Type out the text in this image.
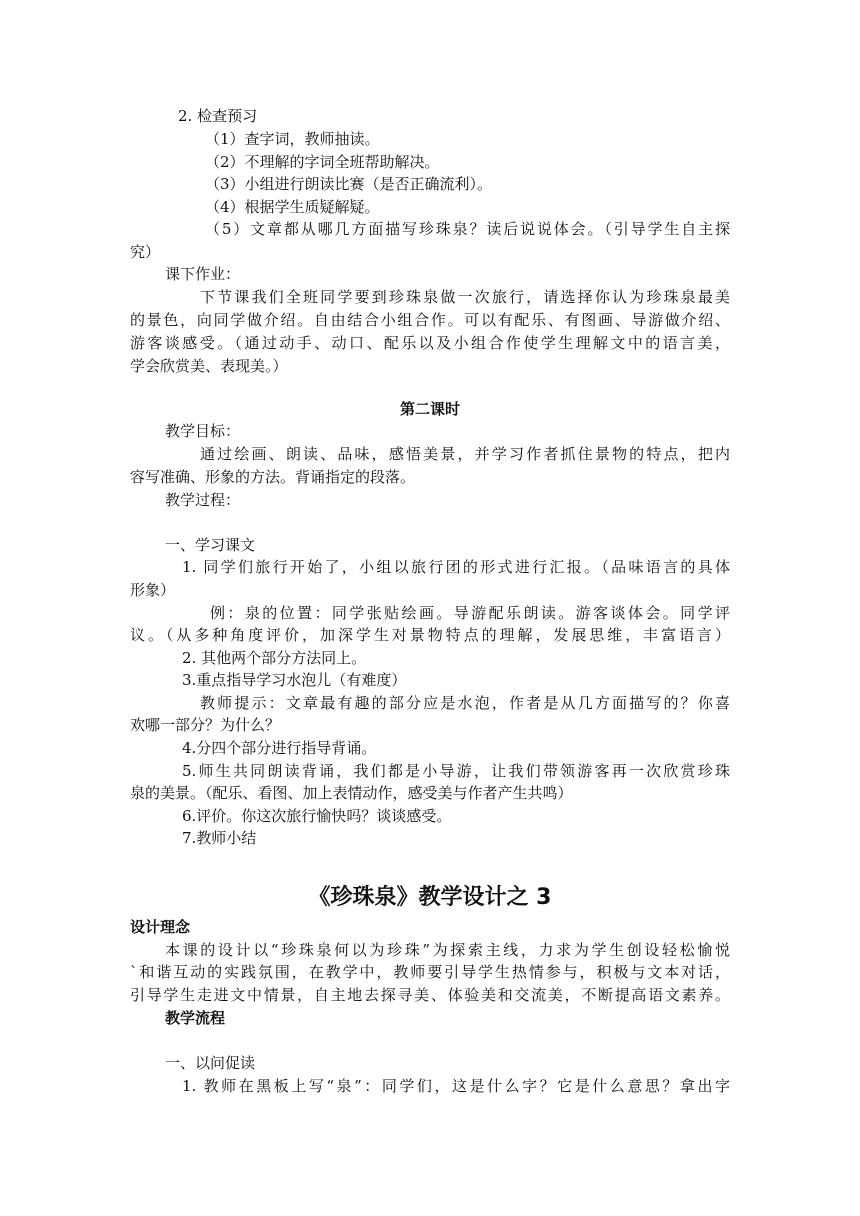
2. 检查预习
（1）查字词，教师抽读。
（2）不理解的字词全班帮助解决。
（3）小组进行朗读比赛（是否正确流利）。
（4）根据学生质疑解疑。
（5）文章都从哪几方面描写珍珠泉？读后说说体会。（引导学生自主探
究）
课下作业：
下节课我们全班同学要到珍珠泉做一次旅行，请选择你认为珍珠泉最美
的景色，向同学做介绍。自由结合小组合作。可以有配乐、有图画、导游做介绍、
游客谈感受。（通过动手、动口、配乐以及小组合作使学生理解文中的语言美，
学会欣赏美、表现美。）
第二课时
教学目标：
通过绘画、朗读、品味，感悟美景，并学习作者抓住景物的特点，把内
容写准确、形象的方法。背诵指定的段落。
教学过程：
一、学习课文
1. 同学们旅行开始了，小组以旅行团的形式进行汇报。（品味语言的具体
形象）
例：泉的位置：同学张贴绘画。导游配乐朗读。游客谈体会。同学评
议。（从多种角度评价，加深学生对景物特点的理解，发展思维，丰富语言）
2. 其他两个部分方法同上。
3.重点指导学习水泡儿（有难度）
教师提示：文章最有趣的部分应是水泡，作者是从几方面描写的？你喜
欢哪一部分？为什么？
4.分四个部分进行指导背诵。
5.师生共同朗读背诵，我们都是小导游，让我们带领游客再一次欣赏珍珠
泉的美景。（配乐、看图、加上表情动作，感受美与作者产生共鸣）
6.评价。你这次旅行愉快吗？谈谈感受。
7.教师小结
《珍珠泉》教学设计之 3
设计理念
本课的设计以“珍珠泉何以为珍珠”为探索主线，力求为学生创设轻松愉悦
`和谐互动的实践氛围，在教学中，教师要引导学生热情参与，积极与文本对话，
引导学生走进文中情景，自主地去探寻美、体验美和交流美，不断提高语文素养。
教学流程
一、以问促读
1. 教师在黑板上写“泉”：同学们，这是什么字？它是什么意思？拿出字
